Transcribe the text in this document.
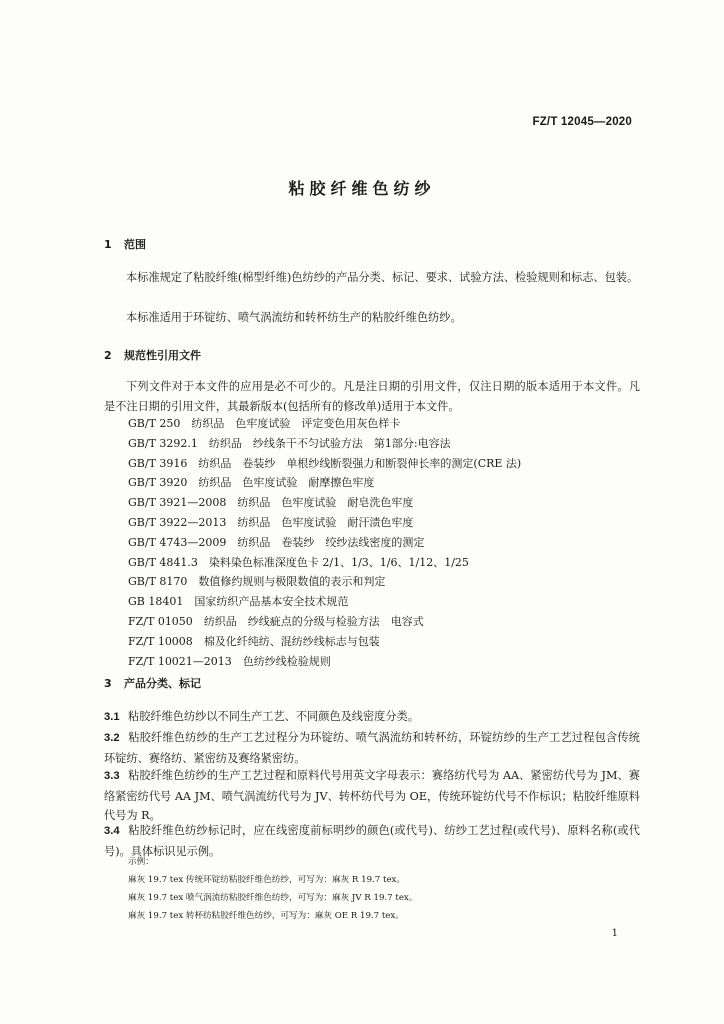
FZ/T 12045—2020
粘胶纤维色纺纱
1 范围
本标准规定了粘胶纤维(棉型纤维)色纺纱的产品分类、标记、要求、试验方法、检验规则和标志、包装。
本标准适用于环锭纺、喷气涡流纺和转杯纺生产的粘胶纤维色纺纱。
2 规范性引用文件
下列文件对于本文件的应用是必不可少的。凡是注日期的引用文件，仅注日期的版本适用于本文件。凡是不注日期的引用文件，其最新版本(包括所有的修改单)适用于本文件。
GB/T 250　 纺织品　色牢度试验　评定变色用灰色样卡
GB/T 3292.1　 纺织品　纱线条干不匀试验方法　第1部分:电容法
GB/T 3916　 纺织品　卷装纱　单根纱线断裂强力和断裂伸长率的测定(CRE 法)
GB/T 3920　 纺织品　色牢度试验　耐摩擦色牢度
GB/T 3921—2008　 纺织品　色牢度试验　耐皂洗色牢度
GB/T 3922—2013　 纺织品　色牢度试验　耐汗渍色牢度
GB/T 4743—2009　 纺织品　卷装纱　绞纱法线密度的测定
GB/T 4841.3　 染料染色标准深度色卡 2/1、1/3、1/6、1/12、1/25
GB/T 8170　 数值修约规则与极限数值的表示和判定
GB 18401　 国家纺织产品基本安全技术规范
FZ/T 01050　 纺织品　纱线疵点的分级与检验方法　电容式
FZ/T 10008　 棉及化纤纯纺、混纺纱线标志与包装
FZ/T 10021—2013　 色纺纱线检验规则
3 产品分类、标记
3.1 粘胶纤维色纺纱以不同生产工艺、不同颜色及线密度分类。
3.2 粘胶纤维色纺纱的生产工艺过程分为环锭纺、喷气涡流纺和转杯纺，环锭纺纱的生产工艺过程包含传统环锭纺、赛络纺、紧密纺及赛络紧密纺。
3.3 粘胶纤维色纺纱的生产工艺过程和原料代号用英文字母表示：赛络纺代号为 AA、紧密纺代号为 JM、赛络紧密纺代号 AA JM、喷气涡流纺代号为 JV、转杯纺代号为 OE，传统环锭纺代号不作标识；粘胶纤维原料代号为 R。
3.4 粘胶纤维色纺纱标记时，应在线密度前标明纱的颜色(或代号)、纺纱工艺过程(或代号)、原料名称(或代号)。具体标识见示例。
示例：
麻灰 19.7 tex 传统环锭纺粘胶纤维色纺纱，可写为：麻灰 R 19.7 tex。
麻灰 19.7 tex 喷气涡流纺粘胶纤维色纺纱，可写为：麻灰 JV R 19.7 tex。
麻灰 19.7 tex 转杯纺粘胶纤维色纺纱，可写为：麻灰 OE R 19.7 tex。
1
